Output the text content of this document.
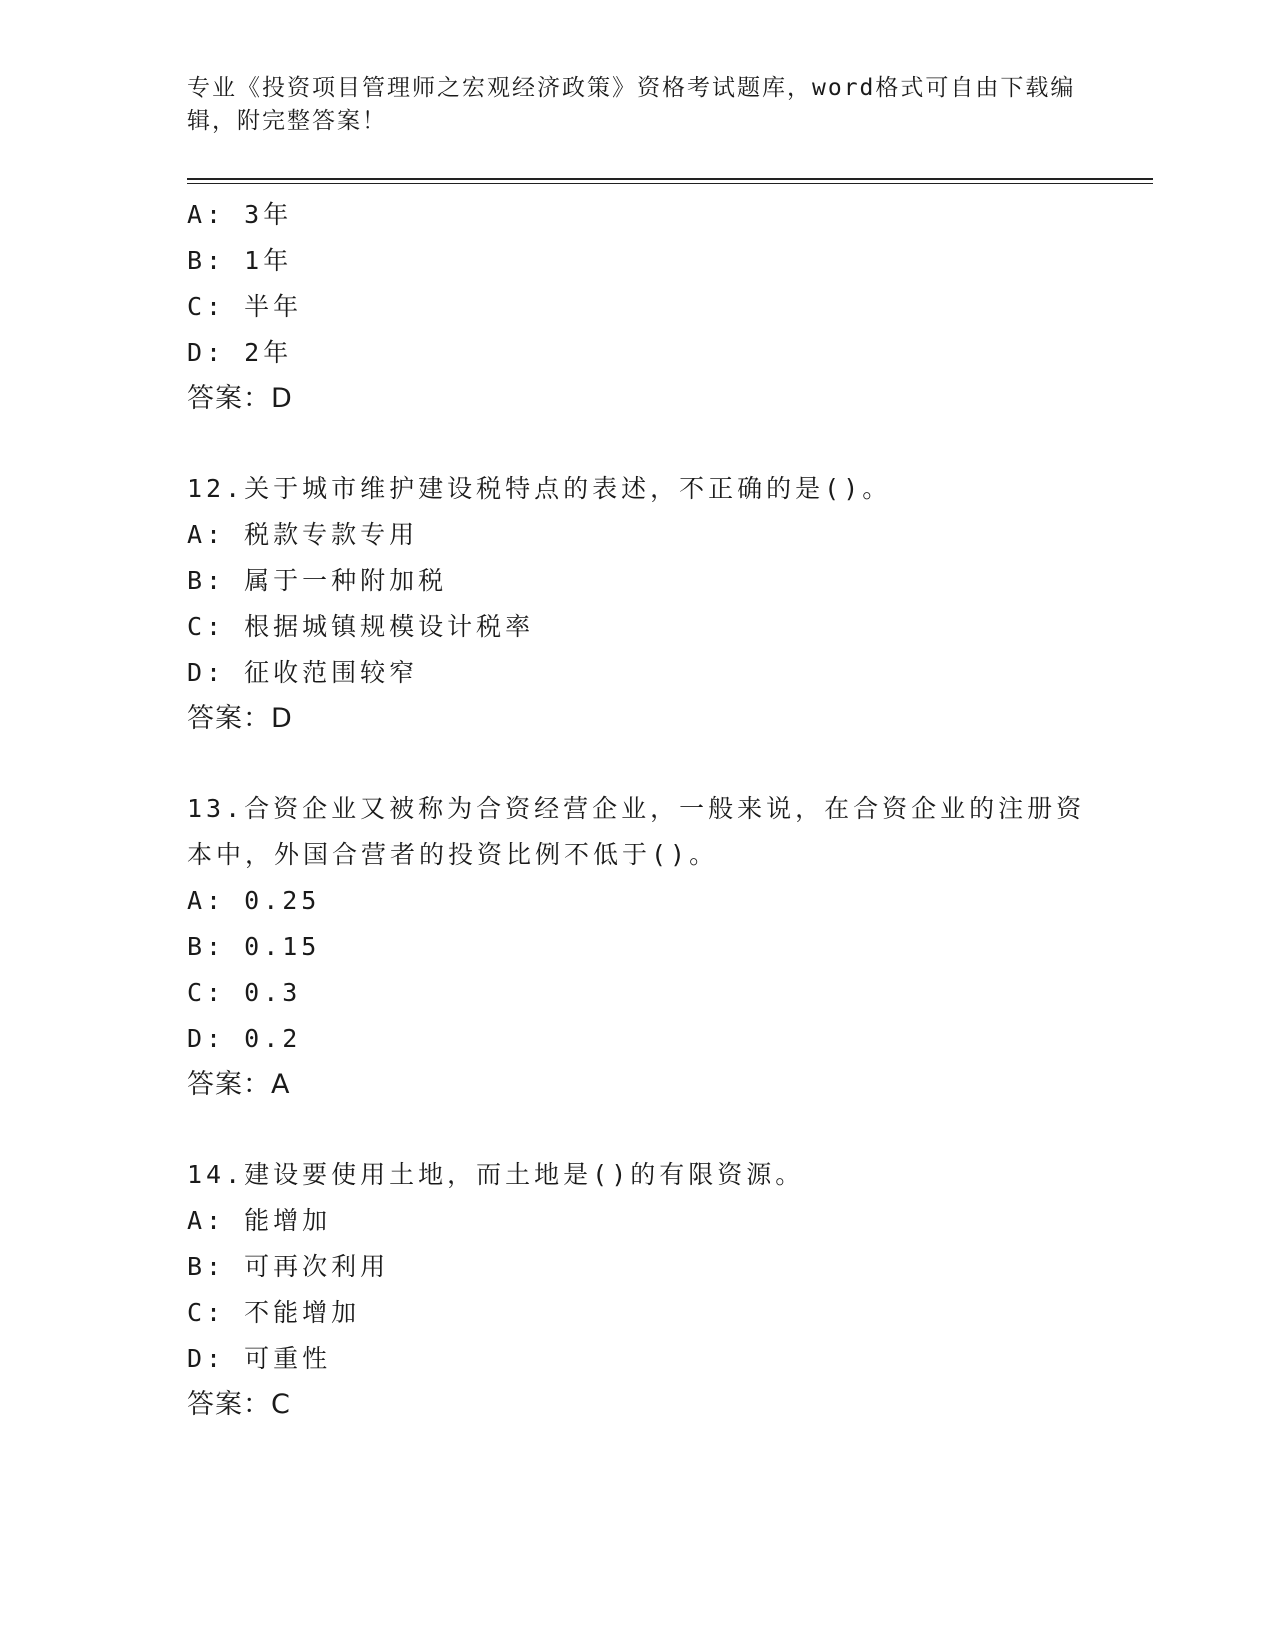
专业《投资项目管理师之宏观经济政策》资格考试题库，word格式可自由下载编
辑，附完整答案！
A: 3年
B: 1年
C: 半年
D: 2年
答案：D
12.关于城市维护建设税特点的表述，不正确的是()。
A: 税款专款专用
B: 属于一种附加税
C: 根据城镇规模设计税率
D: 征收范围较窄
答案：D
13.合资企业又被称为合资经营企业，一般来说，在合资企业的注册资
本中，外国合营者的投资比例不低于()。
A: 0.25
B: 0.15
C: 0.3
D: 0.2
答案：A
14.建设要使用土地，而土地是()的有限资源。
A: 能增加
B: 可再次利用
C: 不能增加
D: 可重性
答案：C
